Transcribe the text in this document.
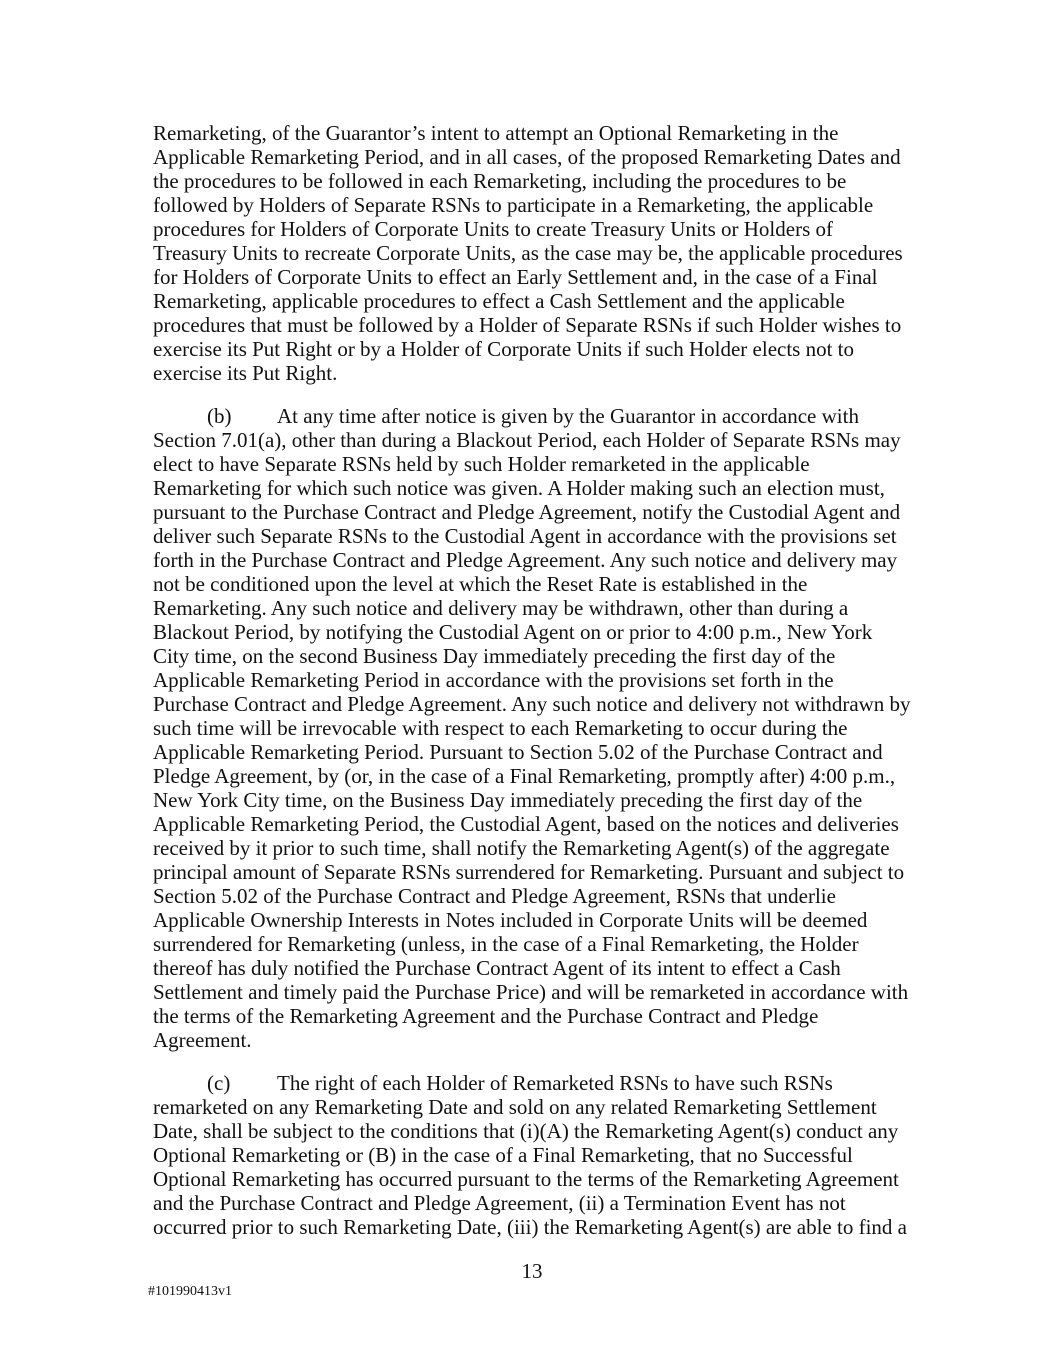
Remarketing, of the Guarantor’s intent to attempt an Optional Remarketing in the Applicable Remarketing Period, and in all cases, of the proposed Remarketing Dates and the procedures to be followed in each Remarketing, including the procedures to be followed by Holders of Separate RSNs to participate in a Remarketing, the applicable procedures for Holders of Corporate Units to create Treasury Units or Holders of Treasury Units to recreate Corporate Units, as the case may be, the applicable procedures for Holders of Corporate Units to effect an Early Settlement and, in the case of a Final Remarketing, applicable procedures to effect a Cash Settlement and the applicable procedures that must be followed by a Holder of Separate RSNs if such Holder wishes to exercise its Put Right or by a Holder of Corporate Units if such Holder elects not to exercise its Put Right.

(b) At any time after notice is given by the Guarantor in accordance with Section 7.01(a), other than during a Blackout Period, each Holder of Separate RSNs may elect to have Separate RSNs held by such Holder remarketed in the applicable Remarketing for which such notice was given. A Holder making such an election must, pursuant to the Purchase Contract and Pledge Agreement, notify the Custodial Agent and deliver such Separate RSNs to the Custodial Agent in accordance with the provisions set forth in the Purchase Contract and Pledge Agreement. Any such notice and delivery may not be conditioned upon the level at which the Reset Rate is established in the Remarketing. Any such notice and delivery may be withdrawn, other than during a Blackout Period, by notifying the Custodial Agent on or prior to 4:00 p.m., New York City time, on the second Business Day immediately preceding the first day of the Applicable Remarketing Period in accordance with the provisions set forth in the Purchase Contract and Pledge Agreement. Any such notice and delivery not withdrawn by such time will be irrevocable with respect to each Remarketing to occur during the Applicable Remarketing Period. Pursuant to Section 5.02 of the Purchase Contract and Pledge Agreement, by (or, in the case of a Final Remarketing, promptly after) 4:00 p.m., New York City time, on the Business Day immediately preceding the first day of the Applicable Remarketing Period, the Custodial Agent, based on the notices and deliveries received by it prior to such time, shall notify the Remarketing Agent(s) of the aggregate principal amount of Separate RSNs surrendered for Remarketing. Pursuant and subject to Section 5.02 of the Purchase Contract and Pledge Agreement, RSNs that underlie Applicable Ownership Interests in Notes included in Corporate Units will be deemed surrendered for Remarketing (unless, in the case of a Final Remarketing, the Holder thereof has duly notified the Purchase Contract Agent of its intent to effect a Cash Settlement and timely paid the Purchase Price) and will be remarketed in accordance with the terms of the Remarketing Agreement and the Purchase Contract and Pledge Agreement.

(c) The right of each Holder of Remarketed RSNs to have such RSNs remarketed on any Remarketing Date and sold on any related Remarketing Settlement Date, shall be subject to the conditions that (i)(A) the Remarketing Agent(s) conduct any Optional Remarketing or (B) in the case of a Final Remarketing, that no Successful Optional Remarketing has occurred pursuant to the terms of the Remarketing Agreement and the Purchase Contract and Pledge Agreement, (ii) a Termination Event has not occurred prior to such Remarketing Date, (iii) the Remarketing Agent(s) are able to find a

13
#101990413v1
